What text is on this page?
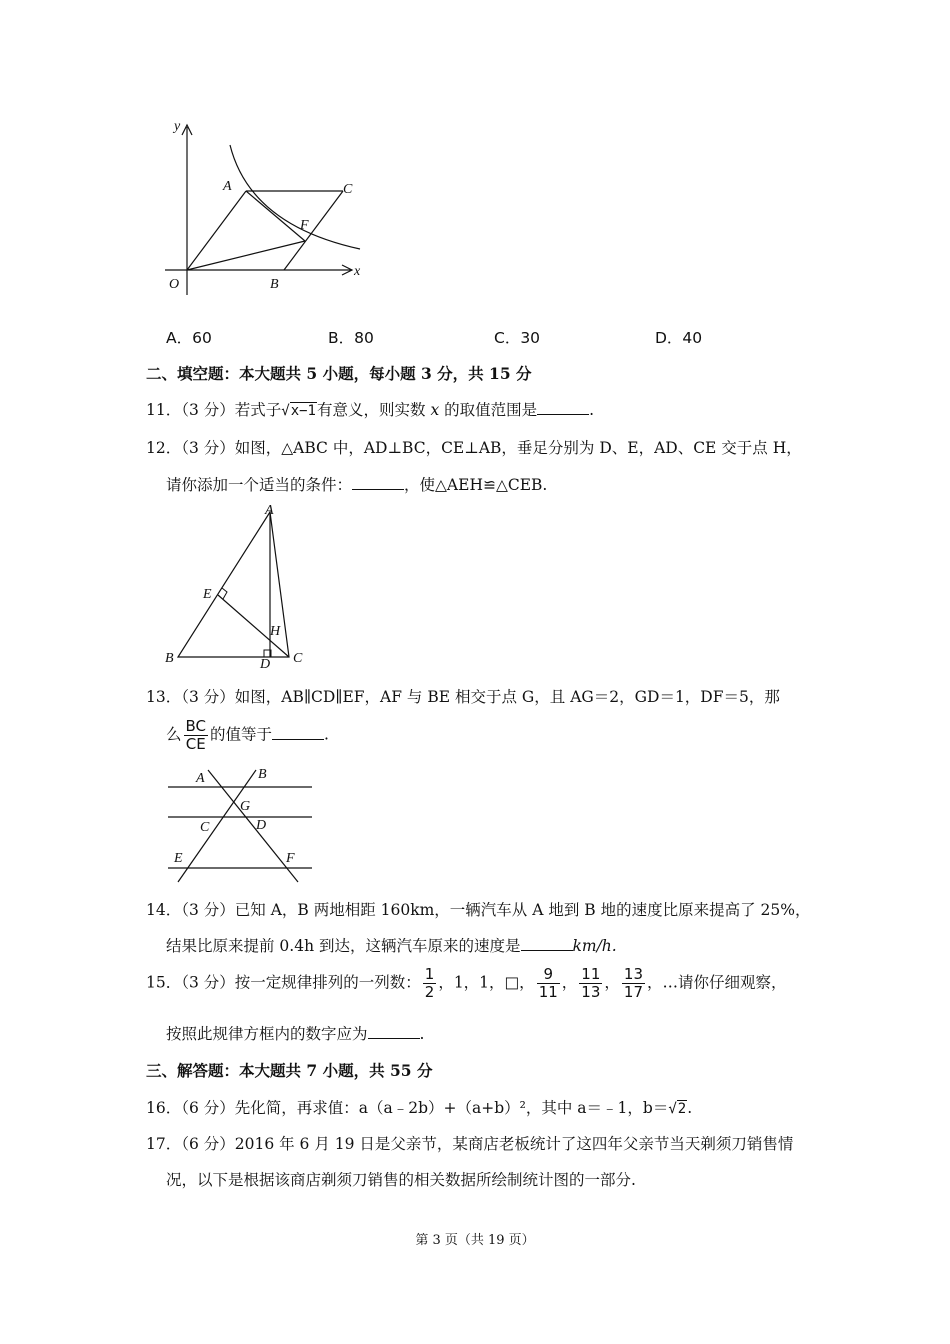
y
x
O
A
B
C
F
A．60	B．80	C．30	D．40
二、填空题：本大题共 5 小题，每小题 3 分，共 15 分
11．（3 分）若式子√x−1有意义，则实数 x 的取值范围是	.
12．（3 分）如图，△ABC 中，AD⊥BC，CE⊥AB，垂足分别为 D、E，AD、CE 交于点 H，
请你添加一个适当的条件：	，使△AEH≌△CEB.
A
B	C
D
E
H
13．（3 分）如图，AB∥CD∥EF，AF 与 BE 相交于点 G，且 AG＝2，GD＝1，DF＝5，那
么 $\frac{BC}{CE}$ 的值等于	.
A	B
C	D
E	F
G
14．（3 分）已知 A，B 两地相距 160km，一辆汽车从 A 地到 B 地的速度比原来提高了 25%，
结果比原来提前 0.4h 到达，这辆汽车原来的速度是	km/h.
15．（3 分）按一定规律排列的一列数： $\frac{1}{2}$ ，1，1，□， $\frac{9}{11}$ ， $\frac{11}{13}$ ， $\frac{13}{17}$ ，…请你仔细观察，
按照此规律方框内的数字应为	.
三、解答题：本大题共 7 小题，共 55 分
16．（6 分）先化简，再求值：a（a﹣2b）+（a+b）²，其中 a＝﹣1，b＝√2.
17．（6 分）2016 年 6 月 19 日是父亲节，某商店老板统计了这四年父亲节当天剃须刀销售情
况，以下是根据该商店剃须刀销售的相关数据所绘制统计图的一部分.
第 3 页（共 19 页）
